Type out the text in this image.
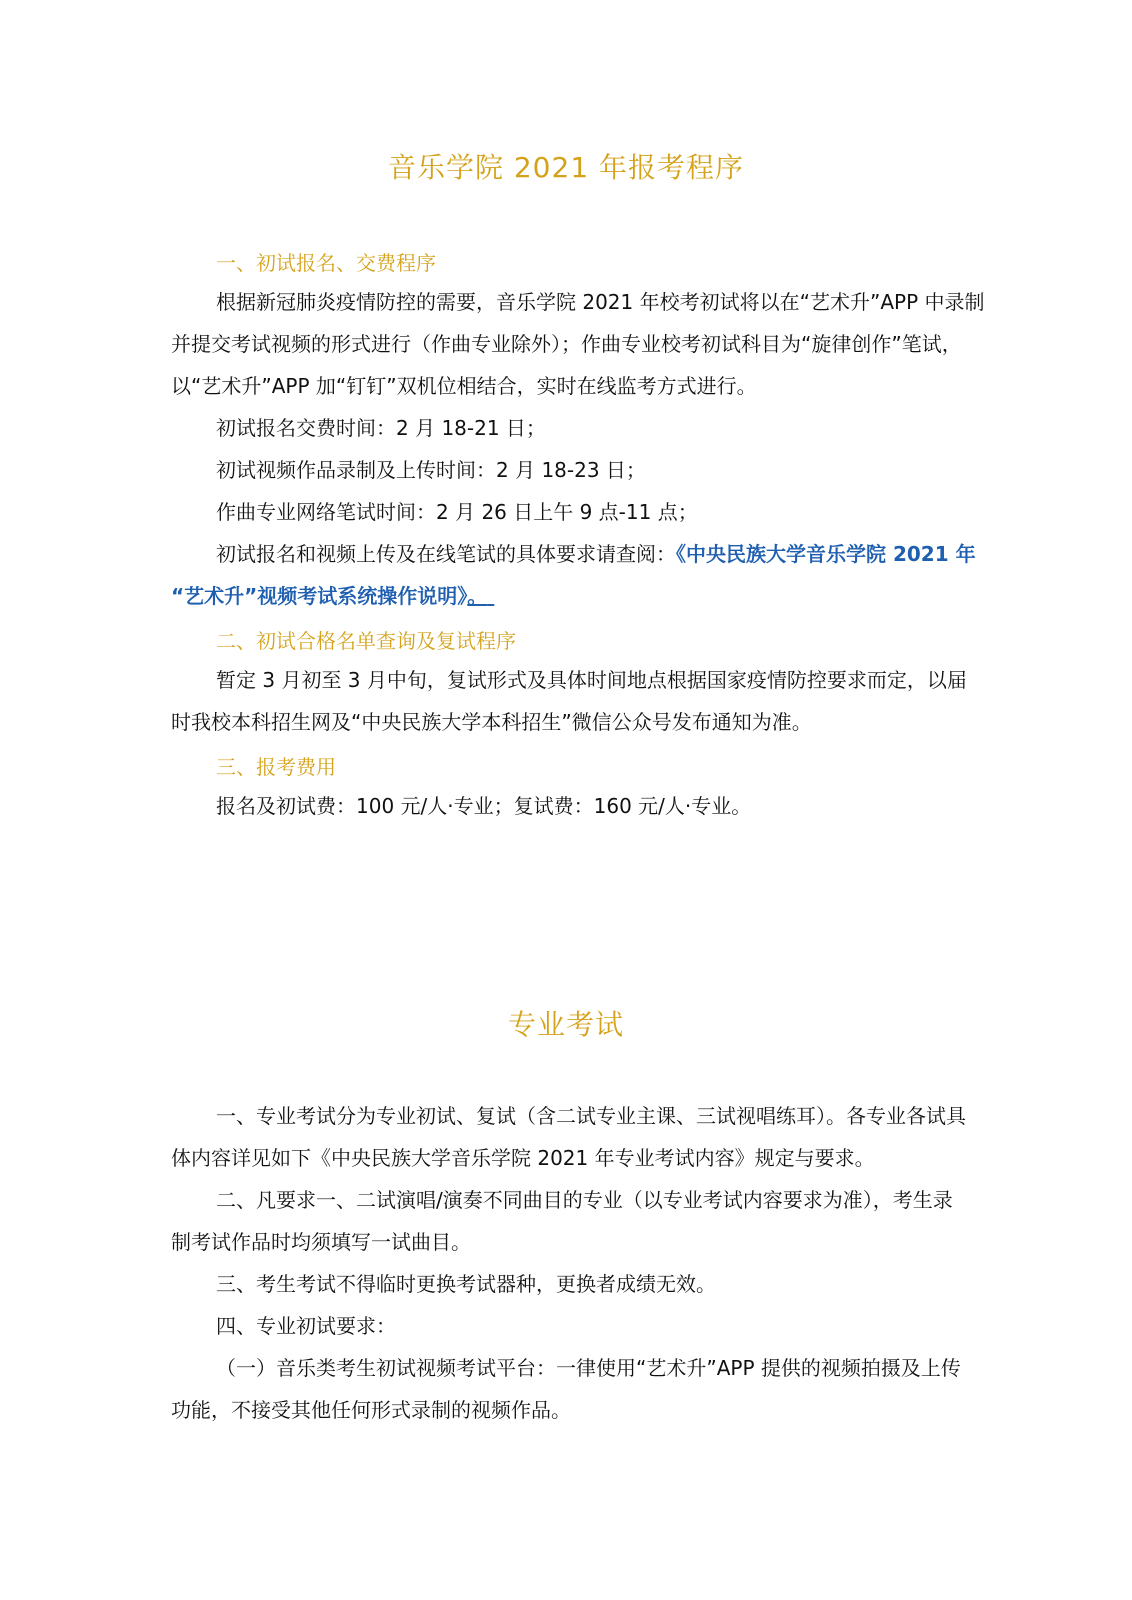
音乐学院 2021 年报考程序
一、初试报名、交费程序
根据新冠肺炎疫情防控的需要，音乐学院 2021 年校考初试将以在“艺术升”APP 中录制
并提交考试视频的形式进行（作曲专业除外）；作曲专业校考初试科目为“旋律创作”笔试，
以“艺术升”APP 加“钉钉”双机位相结合，实时在线监考方式进行。
初试报名交费时间：2 月 18-21 日；
初试视频作品录制及上传时间：2 月 18-23 日；
作曲专业网络笔试时间：2 月 26 日上午 9 点-11 点；
初试报名和视频上传及在线笔试的具体要求请查阅：《中央民族大学音乐学院 2021 年
“艺术升”视频考试系统操作说明》。
二、初试合格名单查询及复试程序
暂定 3 月初至 3 月中旬，复试形式及具体时间地点根据国家疫情防控要求而定，以届
时我校本科招生网及“中央民族大学本科招生”微信公众号发布通知为准。
三、报考费用
报名及初试费：100 元/人·专业；复试费：160 元/人·专业。
专业考试
一、专业考试分为专业初试、复试（含二试专业主课、三试视唱练耳）。各专业各试具
体内容详见如下《中央民族大学音乐学院 2021 年专业考试内容》规定与要求。
二、凡要求一、二试演唱/演奏不同曲目的专业（以专业考试内容要求为准），考生录
制考试作品时均须填写一试曲目。
三、考生考试不得临时更换考试器种，更换者成绩无效。
四、专业初试要求：
（一）音乐类考生初试视频考试平台：一律使用“艺术升”APP 提供的视频拍摄及上传
功能，不接受其他任何形式录制的视频作品。
